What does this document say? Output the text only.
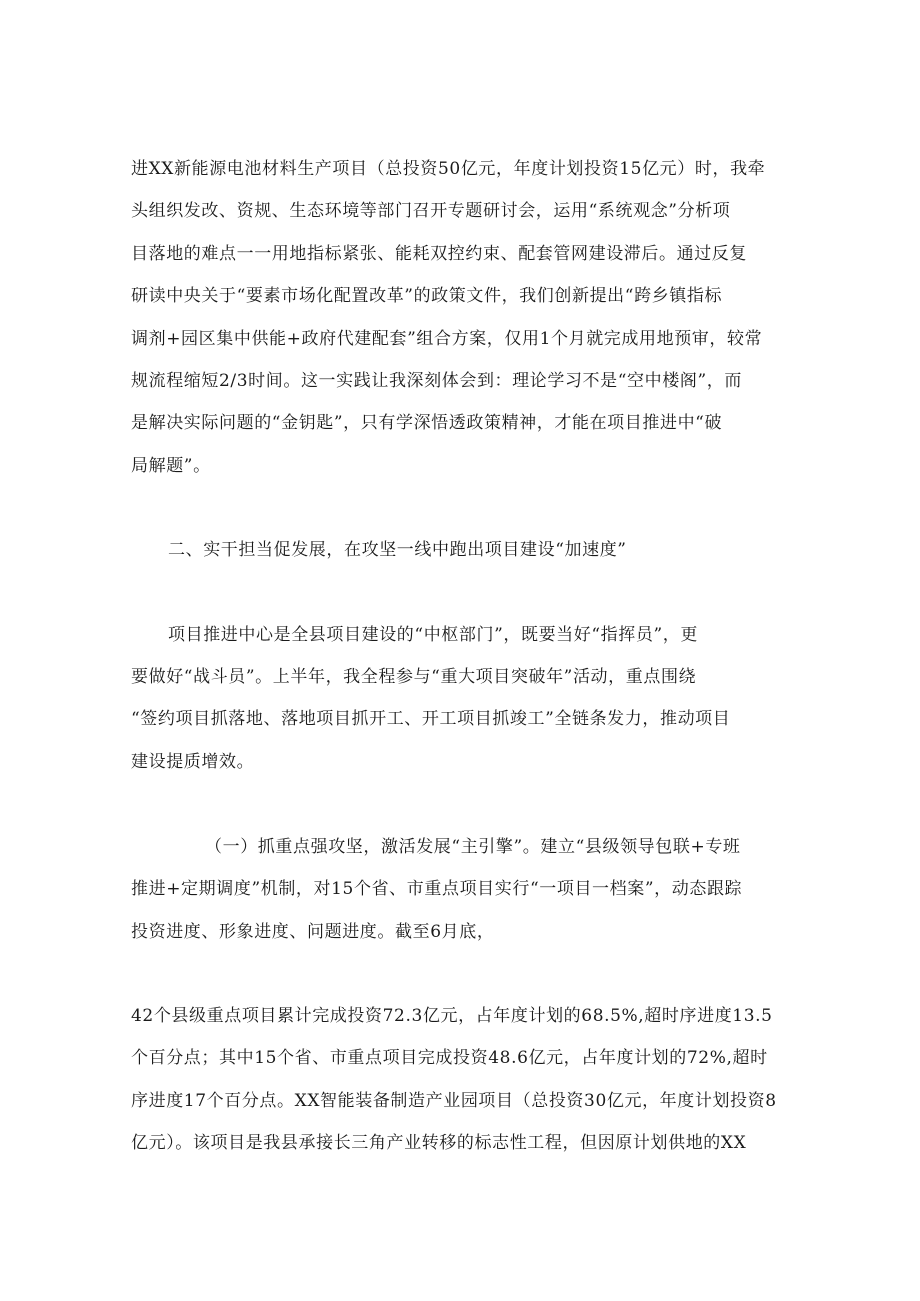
进XX新能源电池材料生产项目（总投资50亿元，年度计划投资15亿元）时，我牵
头组织发改、资规、生态环境等部门召开专题研讨会，运用“系统观念”分析项
目落地的难点一一用地指标紧张、能耗双控约束、配套管网建设滞后。通过反复
研读中央关于“要素市场化配置改革”的政策文件，我们创新提出“跨乡镇指标
调剂+园区集中供能+政府代建配套”组合方案，仅用1个月就完成用地预审，较常
规流程缩短2/3时间。这一实践让我深刻体会到：理论学习不是“空中楼阁”，而
是解决实际问题的“金钥匙”，只有学深悟透政策精神，才能在项目推进中“破
局解题”。
二、实干担当促发展，在攻坚一线中跑出项目建设“加速度”
项目推进中心是全县项目建设的“中枢部门”，既要当好“指挥员”，更
要做好“战斗员”。上半年，我全程参与“重大项目突破年”活动，重点围绕
“签约项目抓落地、落地项目抓开工、开工项目抓竣工”全链条发力，推动项目
建设提质增效。
（一）抓重点强攻坚，激活发展“主引擎”。建立“县级领导包联+专班
推进+定期调度”机制，对15个省、市重点项目实行“一项目一档案”，动态跟踪
投资进度、形象进度、问题进度。截至6月底，
42个县级重点项目累计完成投资72.3亿元，占年度计划的68.5%,超时序进度13.5
个百分点；其中15个省、市重点项目完成投资48.6亿元，占年度计划的72%,超时
序进度17个百分点。XX智能装备制造产业园项目（总投资30亿元，年度计划投资8
亿元）。该项目是我县承接长三角产业转移的标志性工程，但因原计划供地的XX
